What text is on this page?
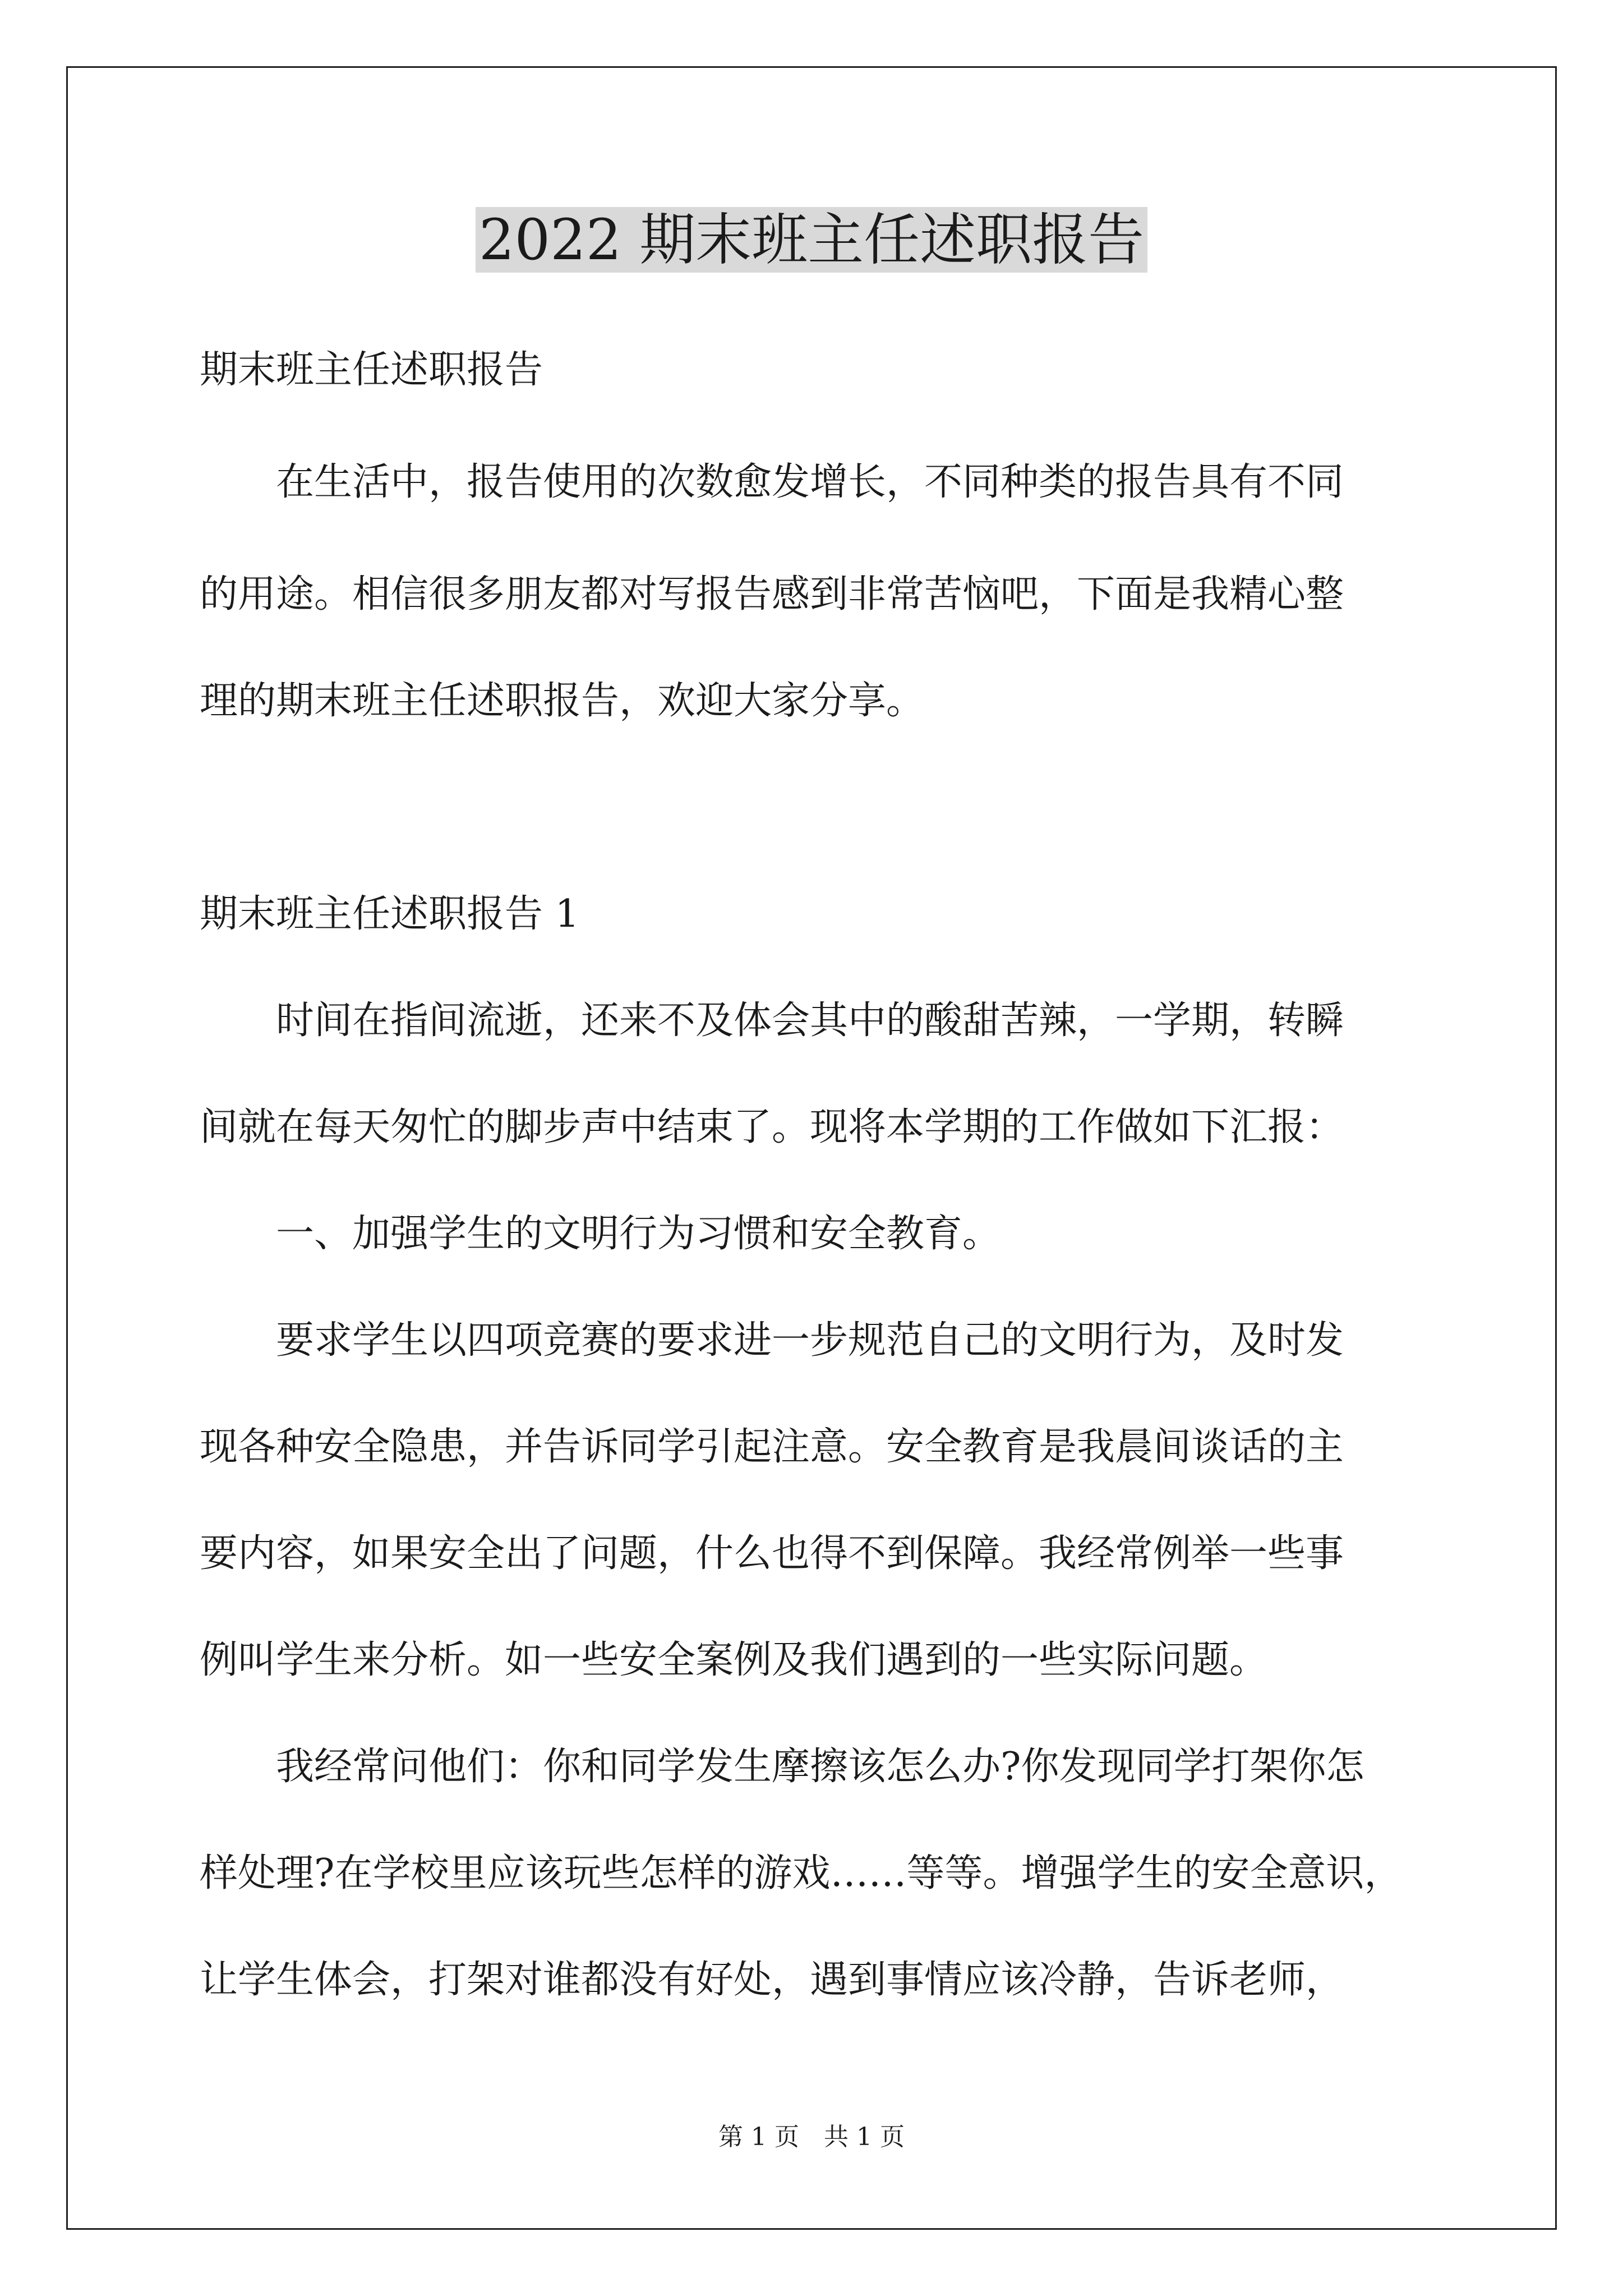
2022 期末班主任述职报告

期末班主任述职报告

　　在生活中，报告使用的次数愈发增长，不同种类的报告具有不同

的用途。相信很多朋友都对写报告感到非常苦恼吧，下面是我精心整

理的期末班主任述职报告，欢迎大家分享。

期末班主任述职报告 1

　　时间在指间流逝，还来不及体会其中的酸甜苦辣，一学期，转瞬

间就在每天匆忙的脚步声中结束了。现将本学期的工作做如下汇报：

　　一、加强学生的文明行为习惯和安全教育。

　　要求学生以四项竞赛的要求进一步规范自己的文明行为，及时发

现各种安全隐患，并告诉同学引起注意。安全教育是我晨间谈话的主

要内容，如果安全出了问题，什么也得不到保障。我经常例举一些事

例叫学生来分析。如一些安全案例及我们遇到的一些实际问题。

　　我经常问他们：你和同学发生摩擦该怎么办?你发现同学打架你怎

样处理?在学校里应该玩些怎样的游戏……等等。增强学生的安全意识，

让学生体会，打架对谁都没有好处，遇到事情应该冷静，告诉老师，

第 1 页 共 1 页
